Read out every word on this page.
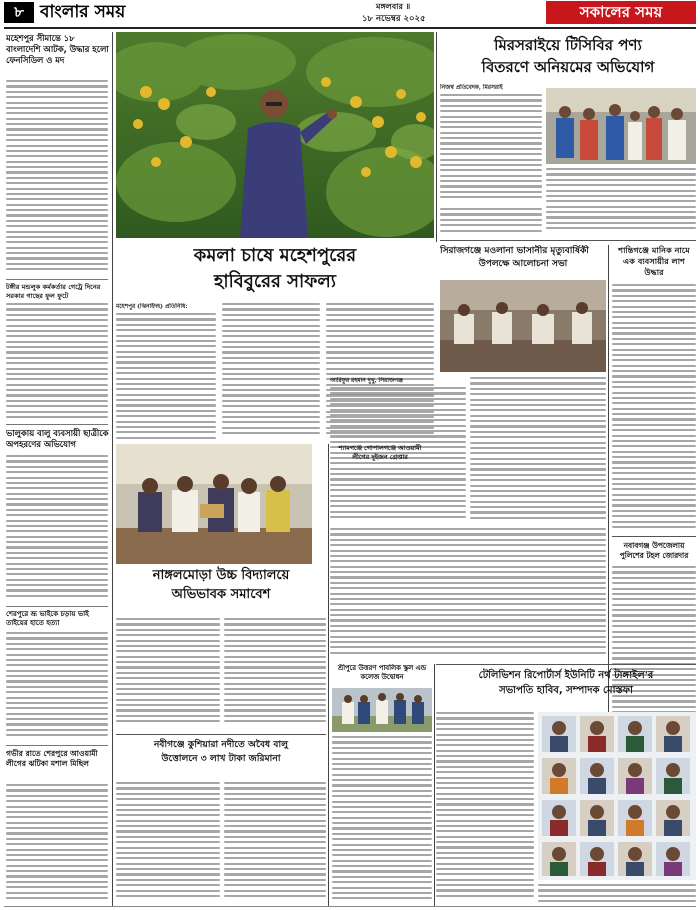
৮ বাংলার সময়	মঙ্গলবার ॥
১৮ নভেম্বর ২০২৫	সকালের সময়
মহেশপুর সীমান্তে ১৮ বাংলাদেশি আটক, উদ্ধার হলো ফেনসিডিল ও মদ
টঙ্গীর মন্ডলুক কর্মকর্তার গেট্রে দিনের সরকার গাছের ফুল ফুটে
ভালুকায় বালু ব্যবসায়ী ছাত্রীকে অপহরণের অভিযোগ
শেরপুরে ভ্রূ ভাইকে চড়ায় ভাই তাইয়ের হাতে হত্যা
গভীর রাতে শেরপুরে আওয়ামী লীগের ঝটিকা মশাল মিছিল
কমলা চাষে মহেশপুরের
হাবিবুরের সাফল্য
মহেশপুর (ঝিনাইদহ) প্রতিনিধি:
মিরসরাইয়ে টিসিবির পণ্য
বিতরণে অনিয়মের অভিযোগ
নিজস্ব প্রতিবেদক, মিরসরাই
সিরাজগঞ্জে মওলানা ভাসানীর মৃত্যুবার্ষিকী
উপলক্ষে আলোচনা সভা
শান্তিগঞ্জে মানিক নামে এক ব্যবসায়ীর লাশ উদ্ধার
নবাবগঞ্জ উপজেলায় পুলিশের টহল জোরদার
আরিফুর রহমান দুখু, সিরাজগঞ্জ
শ্যামগঞ্জে গোপালগঞ্জে আওয়ামী লীগের দুইজন গ্রেপ্তার
নাঙ্গলমোড়া উচ্চ বিদ্যালয়ে
অভিভাবক সমাবেশ
নবীগঞ্জে কুশিয়ারা নদীতে অবৈধ বালু
উত্তোলনে ৩ লাখ টাকা জরিমানা
শ্রীপুরে উত্তরণ পাবলিক স্কুল এন্ড কলেজ উদ্বোধন	টেলিভিশন রিপোর্টার্স ইউনিটি নর্থ টাঙ্গাইল'র
সভাপতি হাবিব, সম্পাদক মোস্তফা
